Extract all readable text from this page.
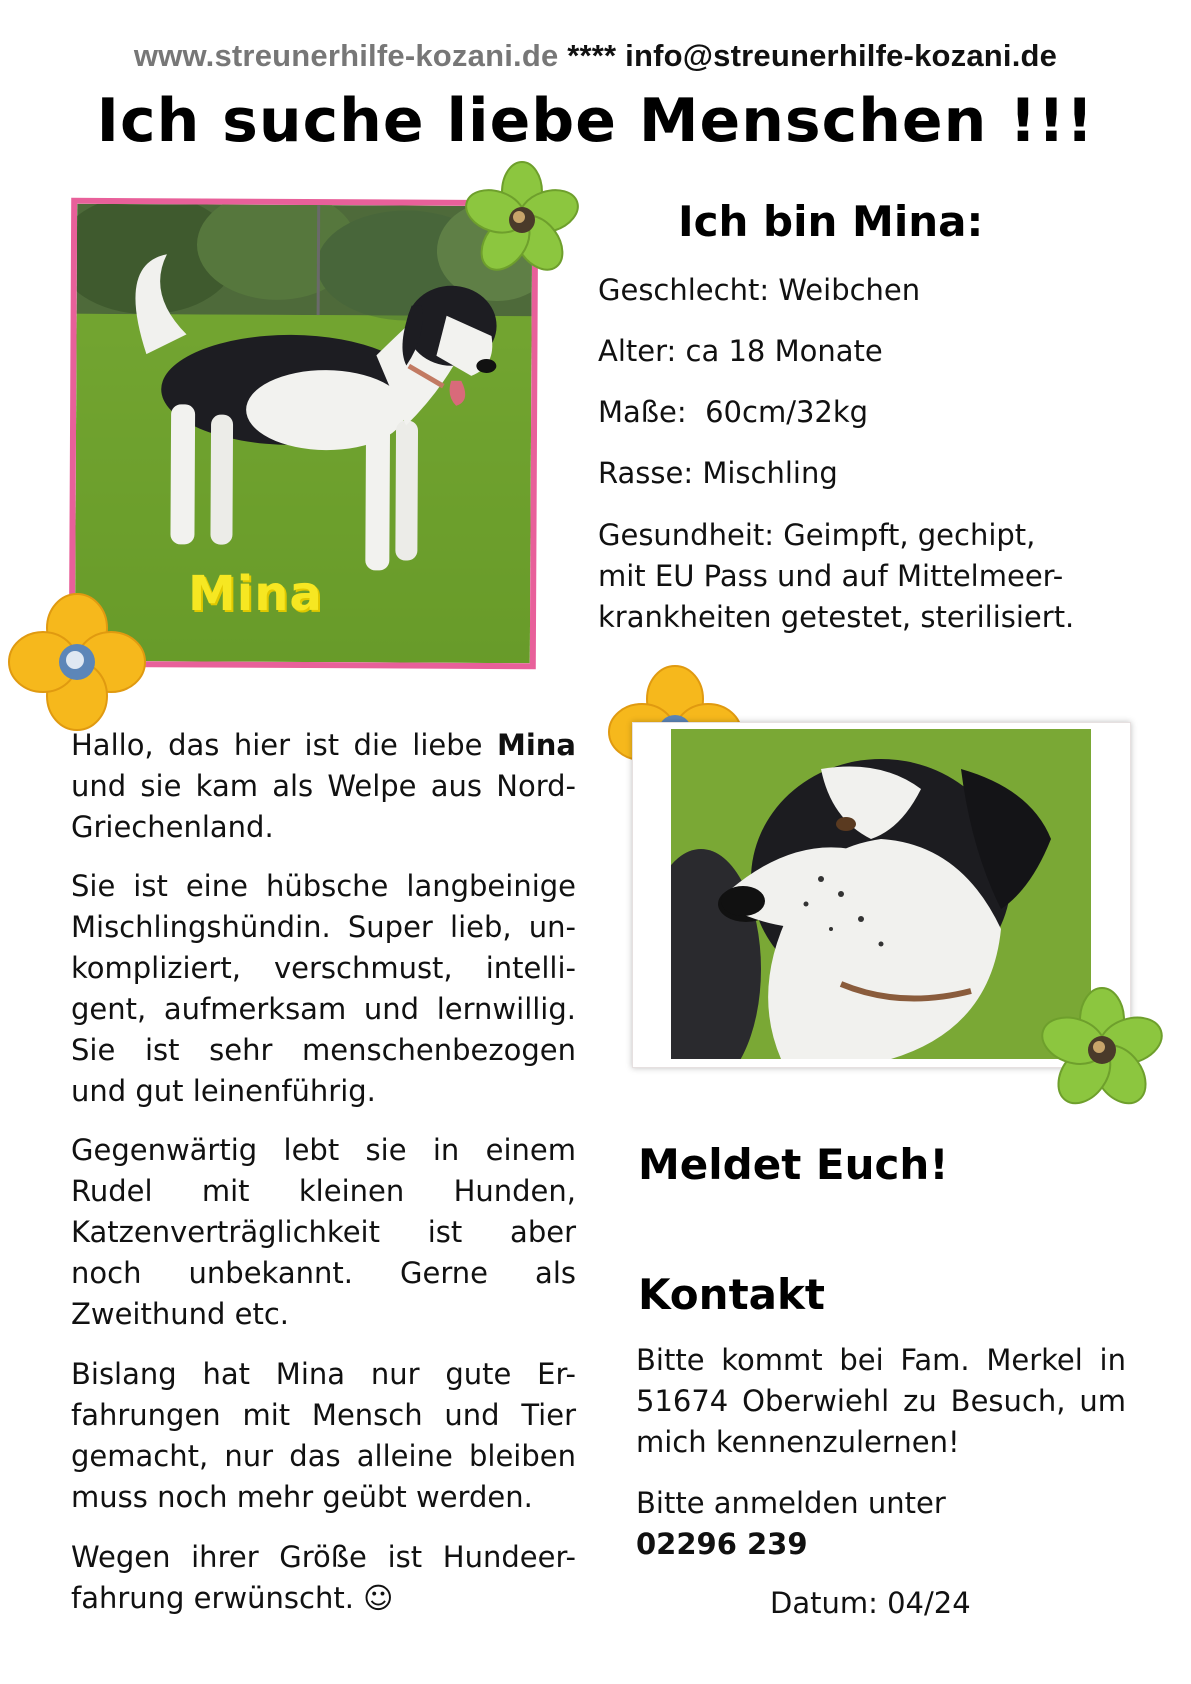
www.streunerhilfe-kozani.de **** info@streunerhilfe-kozani.de
Ich suche liebe Menschen !!!
Mina
Ich bin Mina:
Geschlecht: Weibchen
Alter: ca 18 Monate
Maße:  60cm/32kg
Rasse: Mischling
Gesundheit: Geimpft, gechipt,
mit EU Pass und auf Mittelmeer-
krankheiten getestet, sterilisiert.
Hallo, das hier ist die liebe Mina und sie kam als Welpe aus Nord-Griechenland.

Sie ist eine hübsche langbeinige Mischlingshündin. Super lieb, un-kompliziert, verschmust, intelli-gent, aufmerksam und lernwillig. Sie ist sehr menschenbezogen und gut leinenführig.

Gegenwärtig lebt sie in einem Rudel mit kleinen Hunden, Katzenverträglichkeit ist aber noch unbekannt. Gerne als Zweithund etc.

Bislang hat Mina nur gute Er-fahrungen mit Mensch und Tier gemacht, nur das alleine bleiben muss noch mehr geübt werden.

Wegen ihrer Größe ist Hundeer-fahrung erwünscht. ☺

Meldet Euch!
Kontakt

Bitte kommt bei Fam. Merkel in 51674 Oberwiehl zu Besuch, um mich kennenzulernen!

Bitte anmelden unter

02296 239

Datum: 04/24
